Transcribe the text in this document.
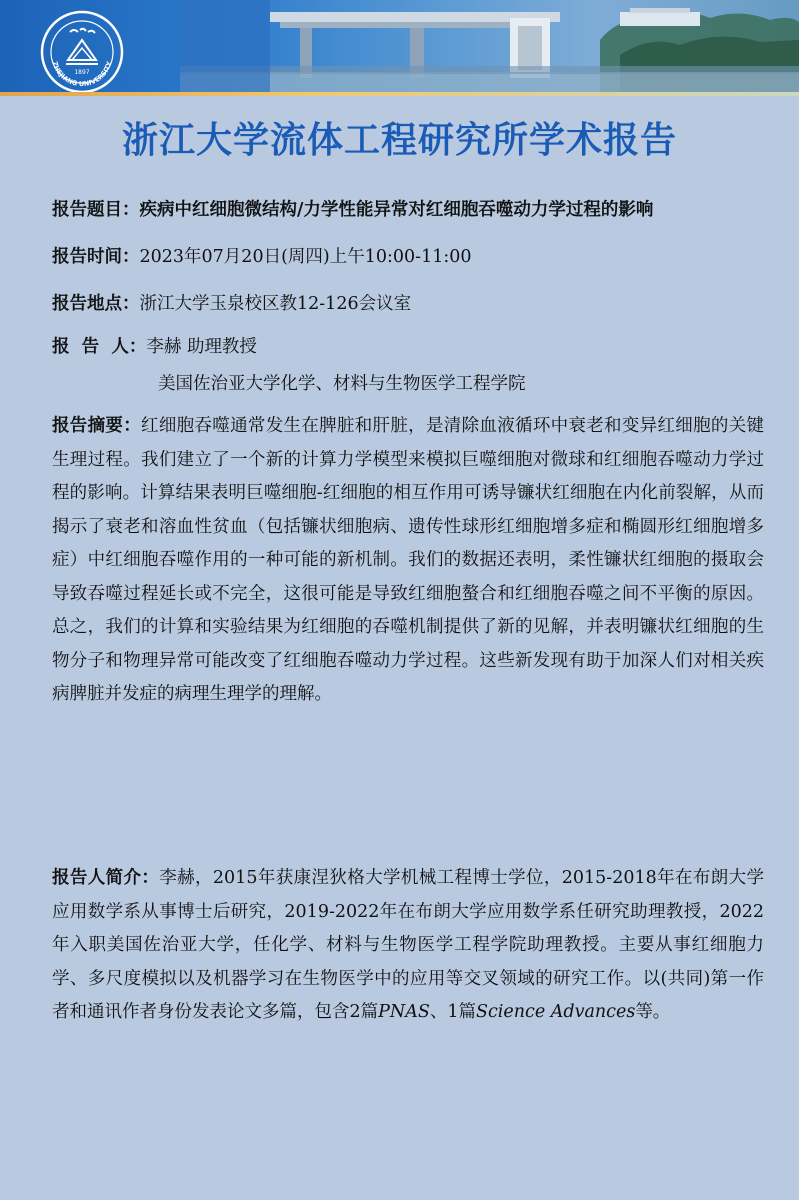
1897
ZHEJIANG UNIVERSITY
浙江大学流体工程研究所学术报告
报告题目：疾病中红细胞微结构/力学性能异常对红细胞吞噬动力学过程的影响
报告时间：2023年07月20日(周四)上午10:00-11:00
报告地点：浙江大学玉泉校区教12-126会议室
报  告  人：李赫 助理教授
美国佐治亚大学化学、材料与生物医学工程学院

报告摘要：红细胞吞噬通常发生在脾脏和肝脏，是清除血液循环中衰老和变异红细胞的关键生理过程。我们建立了一个新的计算力学模型来模拟巨噬细胞对微球和红细胞吞噬动力学过程的影响。计算结果表明巨噬细胞-红细胞的相互作用可诱导镰状红细胞在内化前裂解，从而揭示了衰老和溶血性贫血（包括镰状细胞病、遗传性球形红细胞增多症和椭圆形红细胞增多症）中红细胞吞噬作用的一种可能的新机制。我们的数据还表明，柔性镰状红细胞的摄取会导致吞噬过程延长或不完全，这很可能是导致红细胞螯合和红细胞吞噬之间不平衡的原因。总之，我们的计算和实验结果为红细胞的吞噬机制提供了新的见解，并表明镰状红细胞的生物分子和物理异常可能改变了红细胞吞噬动力学过程。这些新发现有助于加深人们对相关疾病脾脏并发症的病理生理学的理解。

报告人简介：李赫，2015年获康涅狄格大学机械工程博士学位，2015-2018年在布朗大学应用数学系从事博士后研究，2019-2022年在布朗大学应用数学系任研究助理教授，2022年入职美国佐治亚大学，任化学、材料与生物医学工程学院助理教授。主要从事红细胞力学、多尺度模拟以及机器学习在生物医学中的应用等交叉领域的研究工作。以(共同)第一作者和通讯作者身份发表论文多篇，包含2篇PNAS、1篇Science Advances等。
